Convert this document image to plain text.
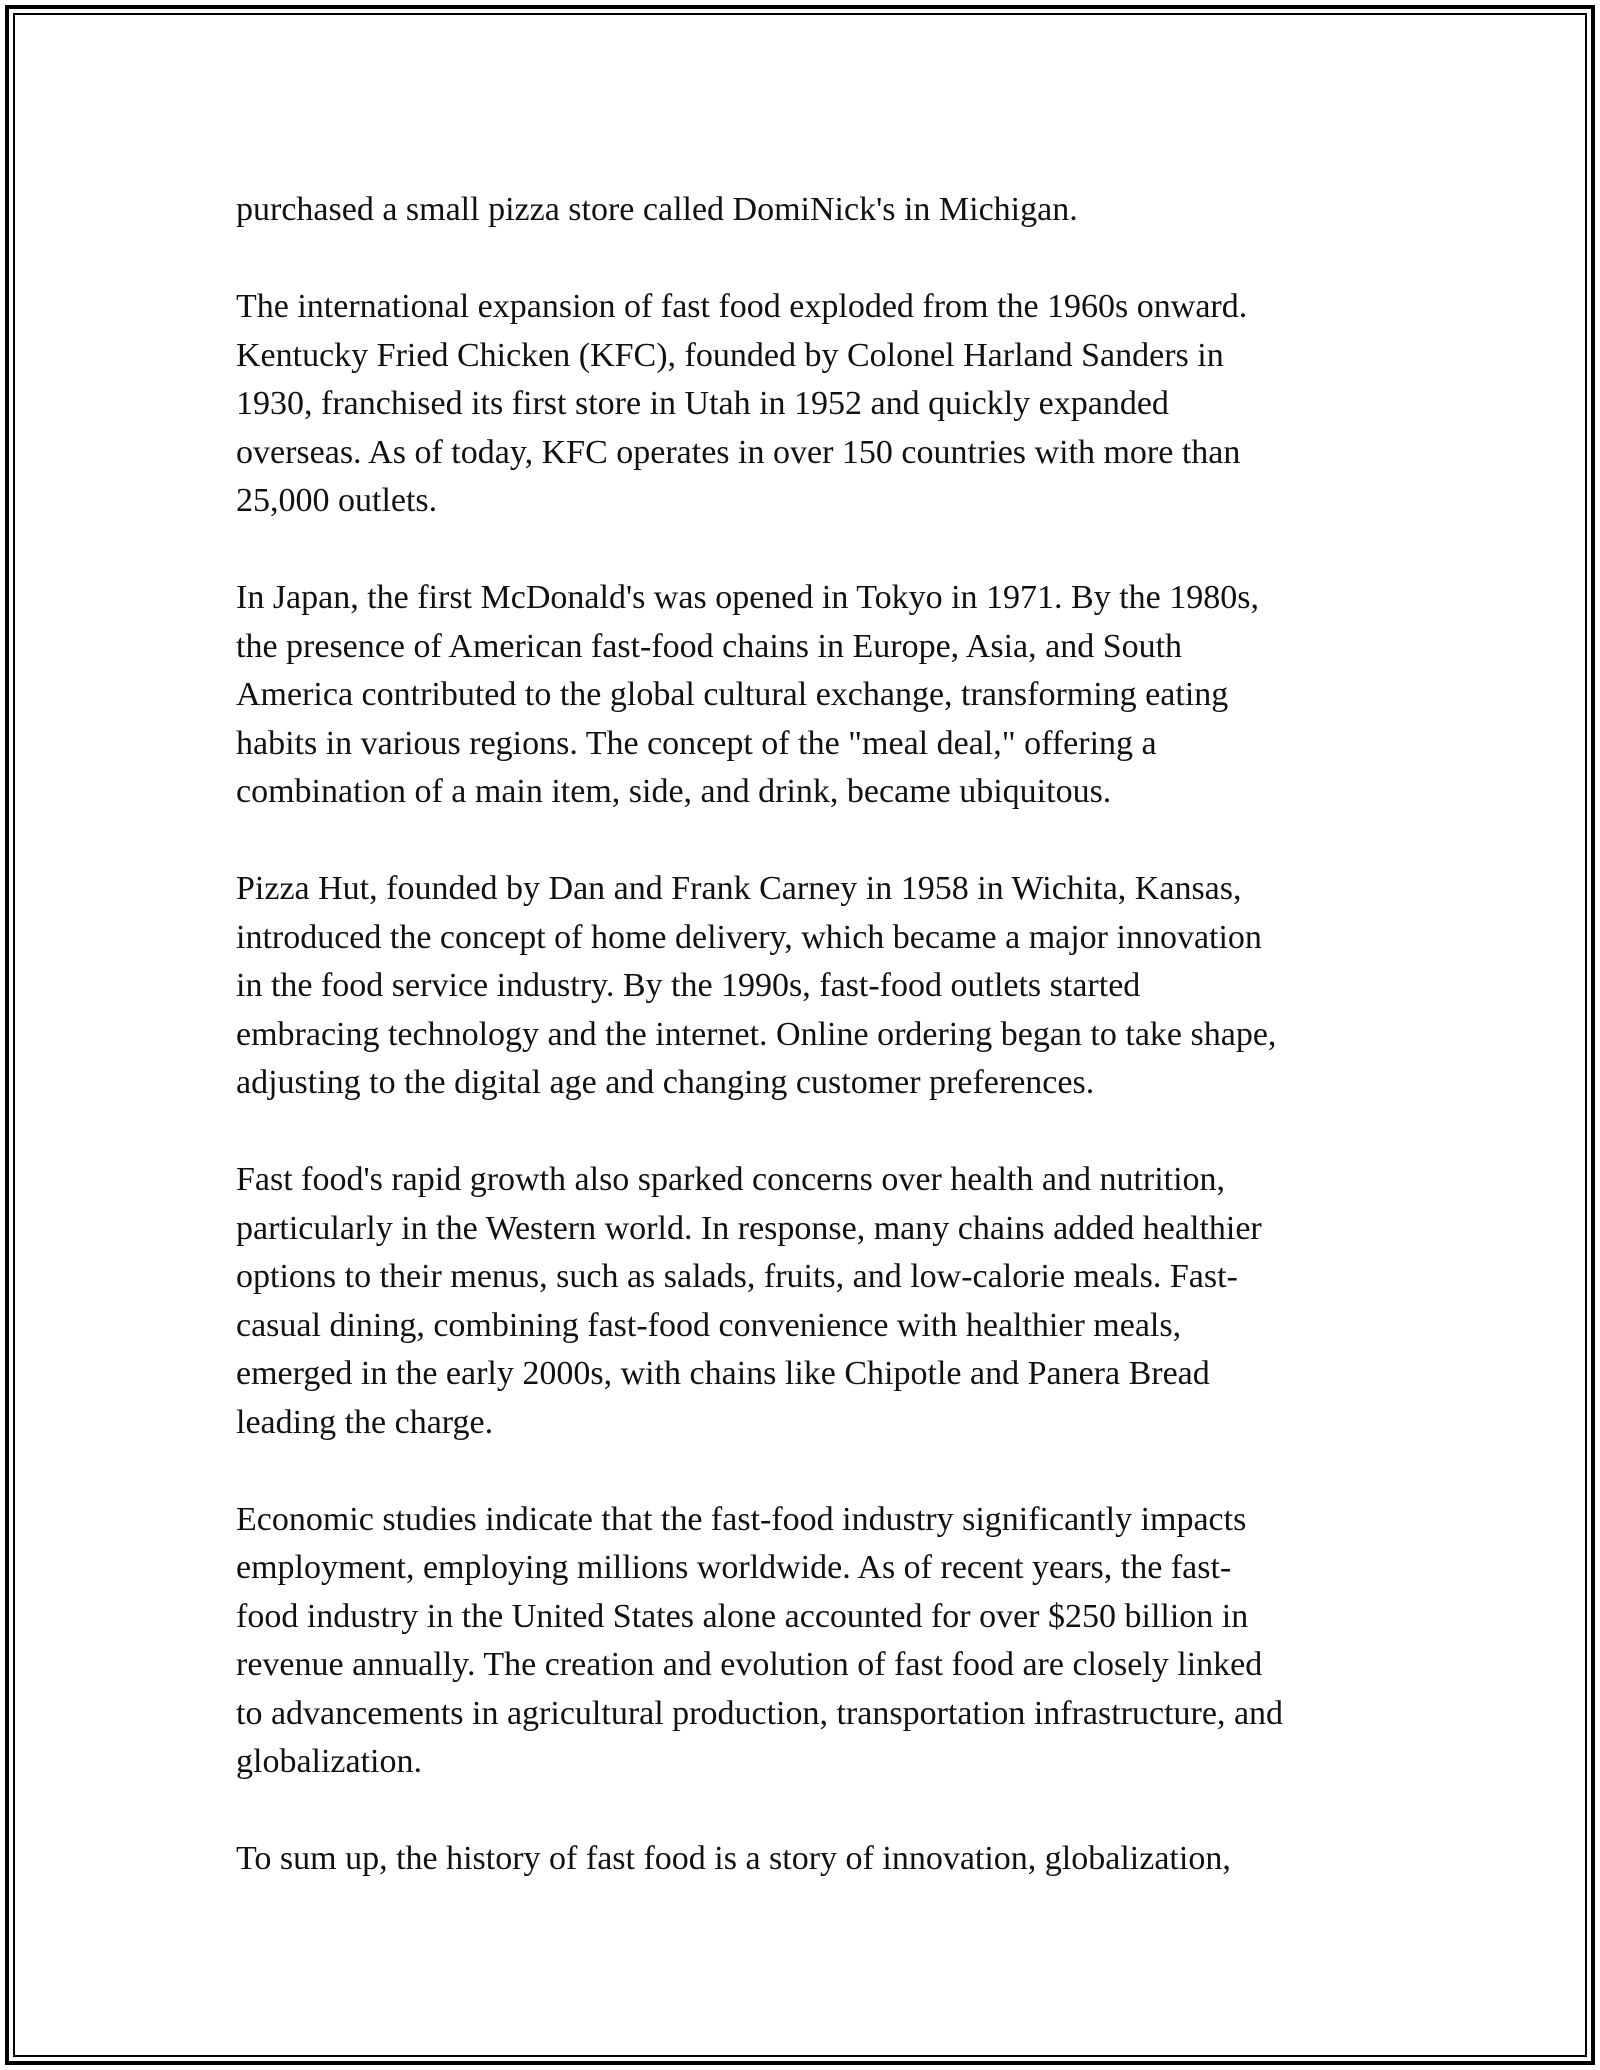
purchased a small pizza store called DomiNick's in Michigan.

The international expansion of fast food exploded from the 1960s onward.
Kentucky Fried Chicken (KFC), founded by Colonel Harland Sanders in
1930, franchised its first store in Utah in 1952 and quickly expanded
overseas. As of today, KFC operates in over 150 countries with more than
25,000 outlets.

In Japan, the first McDonald's was opened in Tokyo in 1971. By the 1980s,
the presence of American fast-food chains in Europe, Asia, and South
America contributed to the global cultural exchange, transforming eating
habits in various regions. The concept of the "meal deal," offering a
combination of a main item, side, and drink, became ubiquitous.

Pizza Hut, founded by Dan and Frank Carney in 1958 in Wichita, Kansas,
introduced the concept of home delivery, which became a major innovation
in the food service industry. By the 1990s, fast-food outlets started
embracing technology and the internet. Online ordering began to take shape,
adjusting to the digital age and changing customer preferences.

Fast food's rapid growth also sparked concerns over health and nutrition,
particularly in the Western world. In response, many chains added healthier
options to their menus, such as salads, fruits, and low-calorie meals. Fast-
casual dining, combining fast-food convenience with healthier meals,
emerged in the early 2000s, with chains like Chipotle and Panera Bread
leading the charge.

Economic studies indicate that the fast-food industry significantly impacts
employment, employing millions worldwide. As of recent years, the fast-
food industry in the United States alone accounted for over $250 billion in
revenue annually. The creation and evolution of fast food are closely linked
to advancements in agricultural production, transportation infrastructure, and
globalization.

To sum up, the history of fast food is a story of innovation, globalization,
